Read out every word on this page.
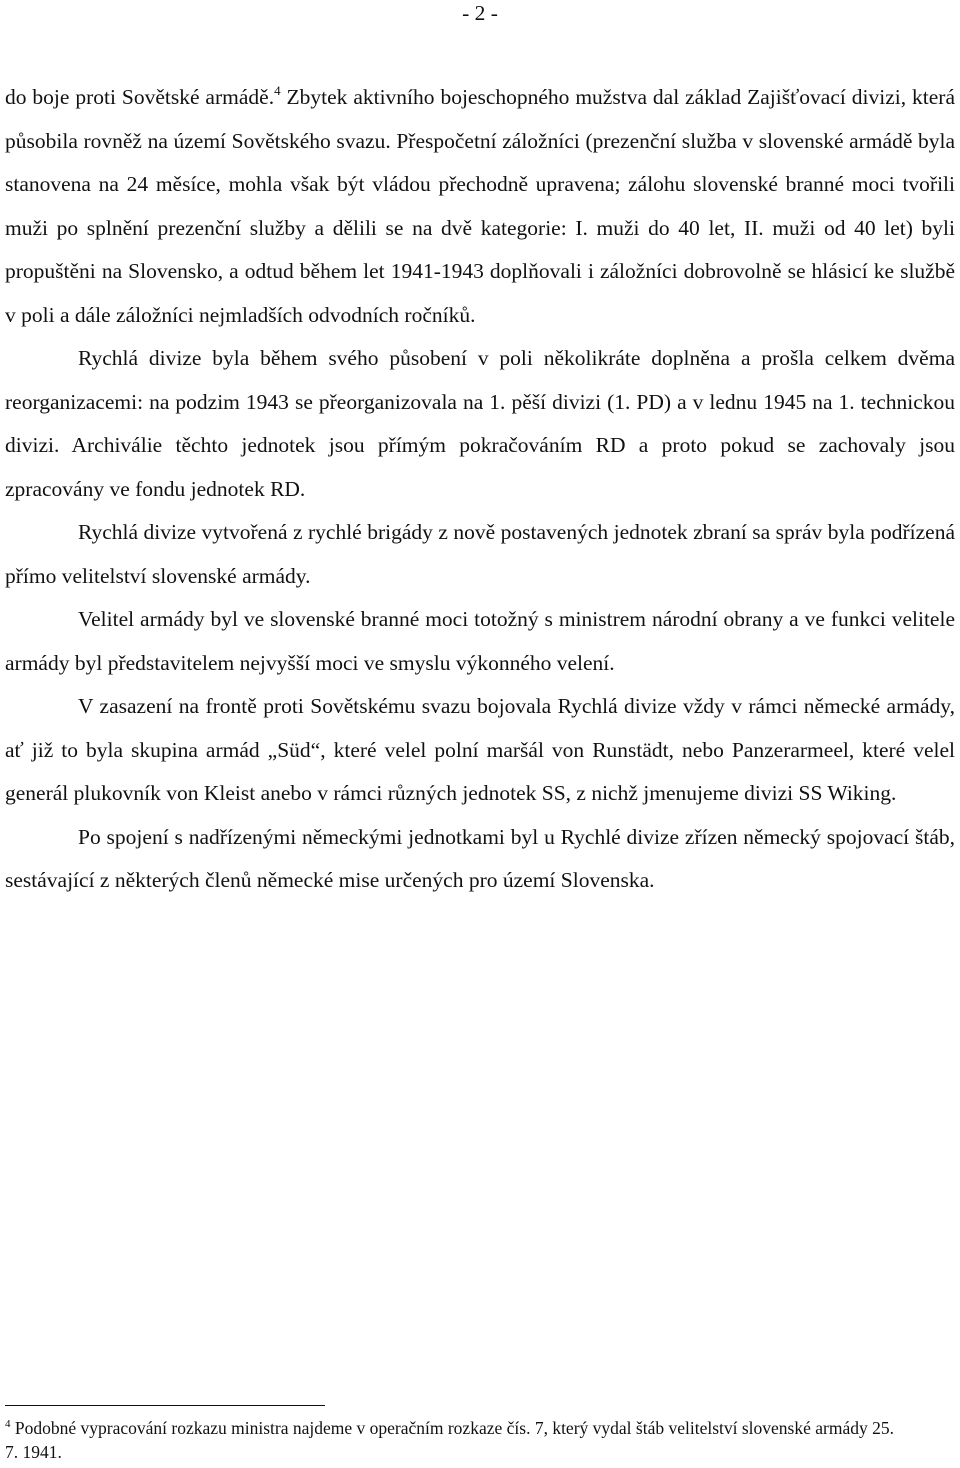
- 2 -

do boje proti Sovětské armádě.$^4$ Zbytek aktivního bojeschopného mužstva dal základ Zajišťovací divizi, která působila rovněž na území Sovětského svazu. Přespočetní záložníci (prezenční služba v slovenské armádě byla stanovena na 24 měsíce, mohla však být vládou přechodně upravena; zálohu slovenské branné moci tvořili muži po splnění prezenční služby a dělili se na dvě kategorie: I. muži do 40 let, II. muži od 40 let) byli propuštěni na Slovensko, a odtud během let 1941-1943 doplňovali i záložníci dobrovolně se hlásicí ke službě v poli a dále záložníci nejmladších odvodních ročníků.

Rychlá divize byla během svého působení v poli několikráte doplněna a prošla celkem dvěma reorganizacemi: na podzim 1943 se přeorganizovala na 1. pěší divizi (1. PD) a v lednu 1945 na 1. technickou divizi. Archiválie těchto jednotek jsou přímým pokračováním RD a proto pokud se zachovaly jsou zpracovány ve fondu jednotek RD.

Rychlá divize vytvořená z rychlé brigády z nově postavených jednotek zbraní sa správ byla podřízená přímo velitelství slovenské armády.

Velitel armády byl ve slovenské branné moci totožný s ministrem národní obrany a ve funkci velitele armády byl představitelem nejvyšší moci ve smyslu výkonného velení.

V zasazení na frontě proti Sovětskému svazu bojovala Rychlá divize vždy v rámci německé armády, ať již to byla skupina armád „Süd“, které velel polní maršál von Runstädt, nebo Panzerarmeel, které velel generál plukovník von Kleist anebo v rámci různých jednotek SS, z nichž jmenujeme divizi SS Wiking.

Po spojení s nadřízenými německými jednotkami byl u Rychlé divize zřízen německý spojovací štáb, sestávající z některých členů německé mise určených pro území Slovenska.

$^4$ Podobné vypracování rozkazu ministra najdeme v operačním rozkaze čís. 7, který vydal štáb velitelství slovenské armády 25. 7. 1941.
